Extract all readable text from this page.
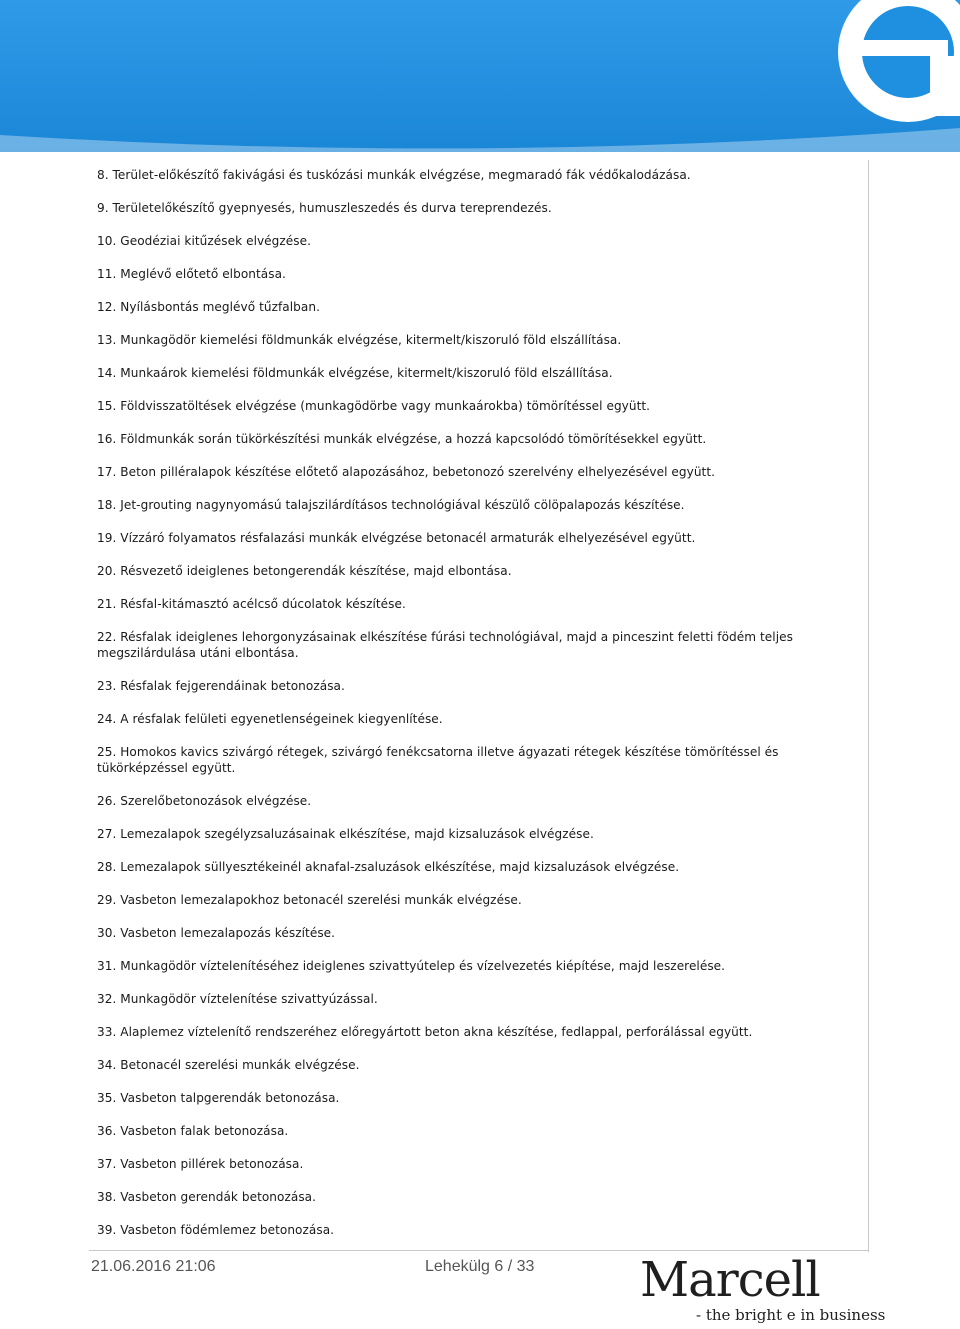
8. Terület-előkészítő fakivágási és tuskózási munkák elvégzése, megmaradó fák védőkalodázása.
9. Területelőkészítő gyepnyesés, humuszleszedés és durva tereprendezés.
10. Geodéziai kitűzések elvégzése.
11. Meglévő előtető elbontása.
12. Nyílásbontás meglévő tűzfalban.
13. Munkagödör kiemelési földmunkák elvégzése, kitermelt/kiszoruló föld elszállítása.
14. Munkaárok kiemelési földmunkák elvégzése, kitermelt/kiszoruló föld elszállítása.
15. Földvisszatöltések elvégzése (munkagödörbe vagy munkaárokba) tömörítéssel együtt.
16. Földmunkák során tükörkészítési munkák elvégzése, a hozzá kapcsolódó tömörítésekkel együtt.
17. Beton pilléralapok készítése előtető alapozásához, bebetonozó szerelvény elhelyezésével együtt.
18. Jet-grouting nagynyomású talajszilárdításos technológiával készülő cölöpalapozás készítése.
19. Vízzáró folyamatos résfalazási munkák elvégzése betonacél armaturák elhelyezésével együtt.
20. Résvezető ideiglenes betongerendák készítése, majd elbontása.
21. Résfal-kitámasztó acélcső dúcolatok készítése.
22. Résfalak ideiglenes lehorgonyzásainak elkészítése fúrási technológiával, majd a pinceszint feletti födém teljes megszilárdulása utáni elbontása.
23. Résfalak fejgerendáinak betonozása.
24. A résfalak felületi egyenetlenségeinek kiegyenlítése.
25. Homokos kavics szivárgó rétegek, szivárgó fenékcsatorna illetve ágyazati rétegek készítése tömörítéssel és tükörképzéssel együtt.
26. Szerelőbetonozások elvégzése.
27. Lemezalapok szegélyzsaluzásainak elkészítése, majd kizsaluzások elvégzése.
28. Lemezalapok süllyesztékeinél aknafal-zsaluzások elkészítése, majd kizsaluzások elvégzése.
29. Vasbeton lemezalapokhoz betonacél szerelési munkák elvégzése.
30. Vasbeton lemezalapozás készítése.
31. Munkagödör víztelenítéséhez ideiglenes szivattyútelep és vízelvezetés kiépítése, majd leszerelése.
32. Munkagödör víztelenítése szivattyúzással.
33. Alaplemez víztelenítő rendszeréhez előregyártott beton akna készítése, fedlappal, perforálással együtt.
34. Betonacél szerelési munkák elvégzése.
35. Vasbeton talpgerendák betonozása.
36. Vasbeton falak betonozása.
37. Vasbeton pillérek betonozása.
38. Vasbeton gerendák betonozása.
39. Vasbeton födémlemez betonozása.
21.06.2016 21:06	Lehekülg 6 / 33 Marcell
- the bright e in business
